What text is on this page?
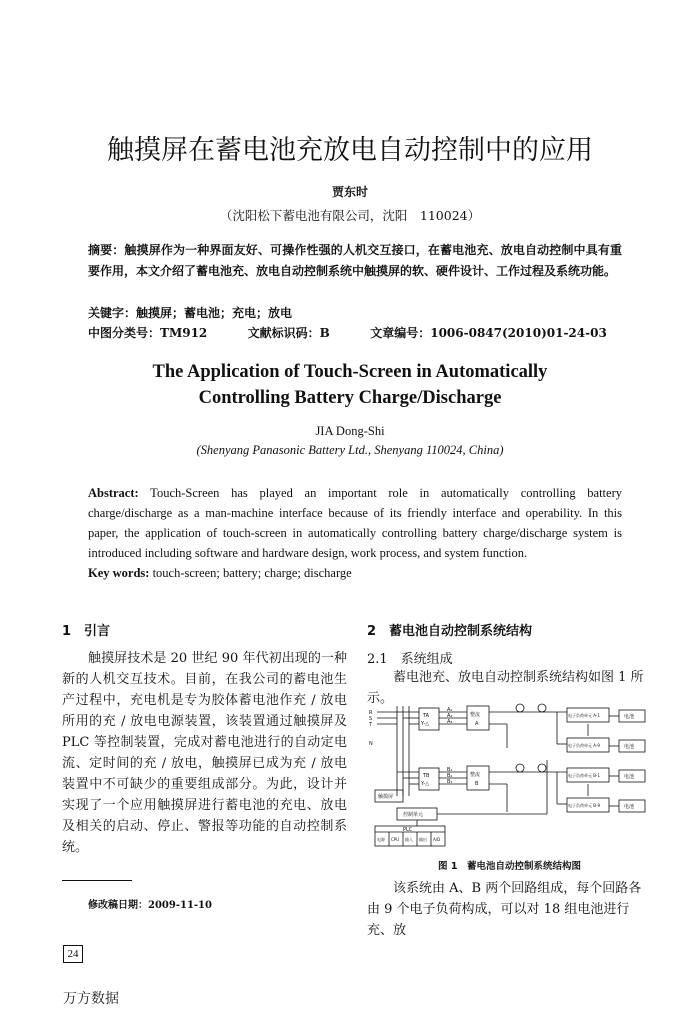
触摸屏在蓄电池充放电自动控制中的应用
贾东时
（沈阳松下蓄电池有限公司，沈阳　110024）
摘要：触摸屏作为一种界面友好、可操作性强的人机交互接口，在蓄电池充、放电自动控制中具有重要作用，本文介绍了蓄电池充、放电自动控制系统中触摸屏的软、硬件设计、工作过程及系统功能。
关键字：触摸屏；蓄电池；充电；放电
中图分类号：TM912	文献标识码：B	文章编号：1006-0847(2010)01-24-03
The Application of Touch-Screen in Automatically
Controlling Battery Charge/Discharge
JIA Dong-Shi
(Shenyang Panasonic Battery Ltd., Shenyang 110024, China)
Abstract: Touch-Screen has played an important role in automatically controlling battery charge/discharge as a man-machine interface because of its friendly interface and operability. In this paper, the application of touch-screen in automatically controlling battery charge/discharge system is introduced including software and hardware design, work process, and system function.
Key words: touch-screen; battery; charge; discharge
1　引言

触摸屏技术是 20 世纪 90 年代初出现的一种新的人机交互技术。目前，在我公司的蓄电池生产过程中，充电机是专为胶体蓄电池作充 / 放电所用的充 / 放电电源装置，该装置通过触摸屏及 PLC 等控制装置，完成对蓄电池进行的自动定电流、定时间的充 / 放电，触摸屏已成为充 / 放电装置中不可缺少的重要组成部分。为此，设计并实现了一个应用触摸屏进行蓄电池的充电、放电及相关的启动、停止、警报等功能的自动控制系统。

2　蓄电池自动控制系统结构
2.1　系统组成
蓄电池充、放电自动控制系统结构如图 1 所示。
R
S
T
N
TA
Y-△
TB
Y-△
A₁
A₂
A₃
B₁
B₂
B₃
整流
A
整流
B
电子负荷单元 A-1
电子负荷单元 A-9
电子负荷单元 B-1
电子负荷单元 B-9
电池
电池
电池
电池
触摸屏
控制单元
PLC
电源 CPU 输入 输出 A/D
图 1　蓄电池自动控制系统结构图
该系统由 A、B 两个回路组成，每个回路各由 9 个电子负荷构成，可以对 18 组电池进行充、放
修改稿日期：2009-11-10
24
万方数据
